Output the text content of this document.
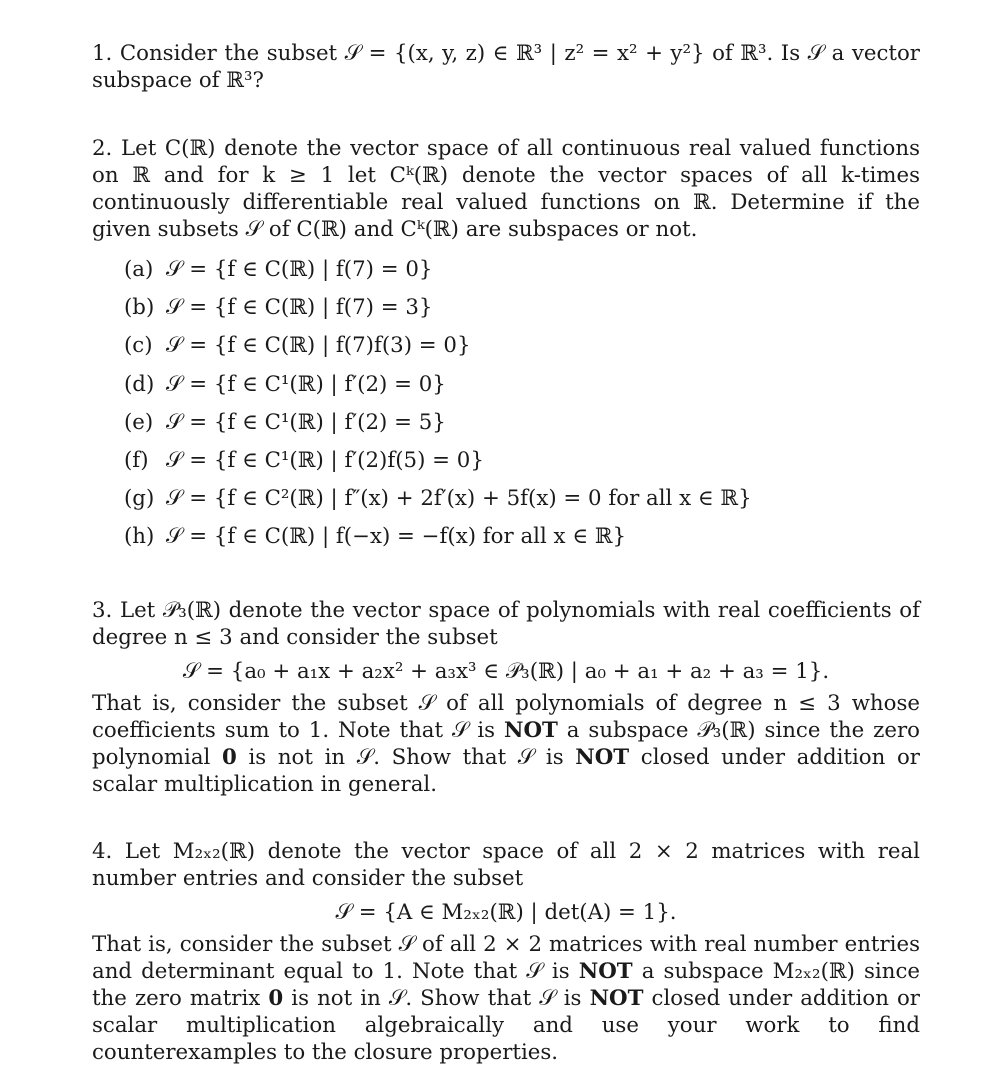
1. Consider the subset 𝒮 = {(x, y, z) ∈ ℝ³ | z² = x² + y²} of ℝ³. Is 𝒮 a vector subspace of ℝ³?

2. Let C(ℝ) denote the vector space of all continuous real valued functions on ℝ and for k ≥ 1 let Cᵏ(ℝ) denote the vector spaces of all k-times continuously differentiable real valued functions on ℝ. Determine if the given subsets 𝒮 of C(ℝ) and Cᵏ(ℝ) are subspaces or not.

(a) 𝒮 = {f ∈ C(ℝ) | f(7) = 0}
(b) 𝒮 = {f ∈ C(ℝ) | f(7) = 3}
(c) 𝒮 = {f ∈ C(ℝ) | f(7)f(3) = 0}
(d) 𝒮 = {f ∈ C¹(ℝ) | f′(2) = 0}
(e) 𝒮 = {f ∈ C¹(ℝ) | f′(2) = 5}
(f) 𝒮 = {f ∈ C¹(ℝ) | f′(2)f(5) = 0}
(g) 𝒮 = {f ∈ C²(ℝ) | f″(x) + 2f′(x) + 5f(x) = 0 for all x ∈ ℝ}
(h) 𝒮 = {f ∈ C(ℝ) | f(−x) = −f(x) for all x ∈ ℝ}

3. Let 𝒫₃(ℝ) denote the vector space of polynomials with real coefficients of degree n ≤ 3 and consider the subset

𝒮 = {a₀ + a₁x + a₂x² + a₃x³ ∈ 𝒫₃(ℝ) | a₀ + a₁ + a₂ + a₃ = 1}.

That is, consider the subset 𝒮 of all polynomials of degree n ≤ 3 whose coefficients sum to 1. Note that 𝒮 is NOT a subspace 𝒫₃(ℝ) since the zero polynomial 0 is not in 𝒮. Show that 𝒮 is NOT closed under addition or scalar multiplication in general.

4. Let M₂ₓ₂(ℝ) denote the vector space of all 2 × 2 matrices with real number entries and consider the subset

𝒮 = {A ∈ M₂ₓ₂(ℝ) | det(A) = 1}.

That is, consider the subset 𝒮 of all 2 × 2 matrices with real number entries and determinant equal to 1. Note that 𝒮 is NOT a subspace M₂ₓ₂(ℝ) since the zero matrix 0 is not in 𝒮. Show that 𝒮 is NOT closed under addition or scalar multiplication algebraically and use your work to find counterexamples to the closure properties.
